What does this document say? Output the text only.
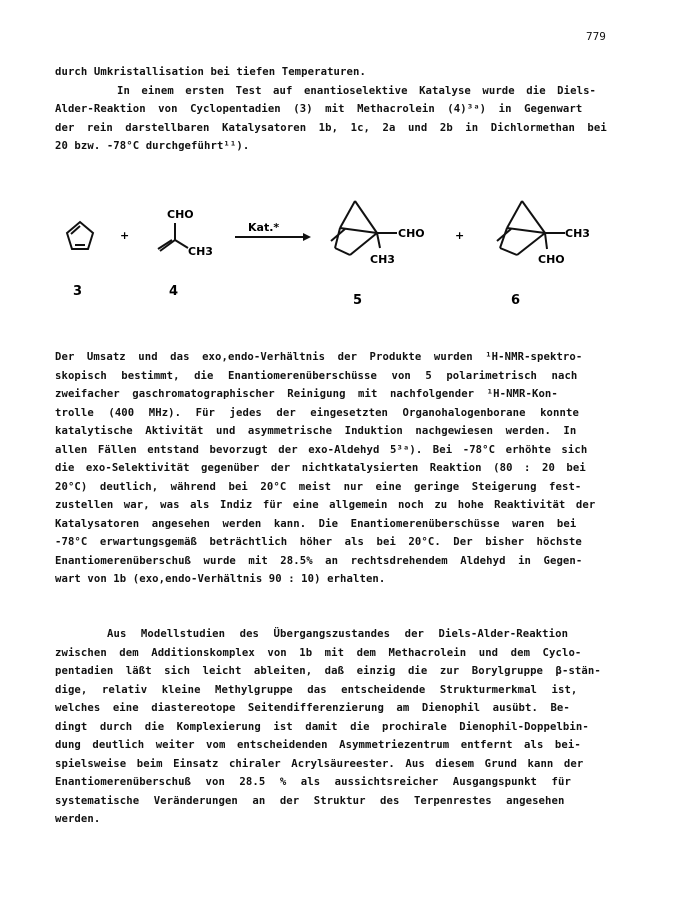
779
durch Umkristallisation bei tiefen Temperaturen.
In einem ersten Test auf enantioselektive Katalyse wurde die Diels-
Alder-Reaktion von Cyclopentadien (3) mit Methacrolein (4)³ᵃ) in Gegenwart
der rein darstellbaren Katalysatoren 1b, 1c, 2a und 2b in Dichlormethan bei
20 bzw. -78°C durchgeführt¹¹).
+
CHO
CH3
Kat.*	CHO
CH3
+	CH3
CHO
3	4
5	6
Der Umsatz und das exo,endo-Verhältnis der Produkte wurden ¹H-NMR-spektro-
skopisch bestimmt, die Enantiomerenüberschüsse von 5 polarimetrisch nach
zweifacher gaschromatographischer Reinigung mit nachfolgender ¹H-NMR-Kon-
trolle (400 MHz). Für jedes der eingesetzten Organohalogenborane konnte
katalytische Aktivität und asymmetrische Induktion nachgewiesen werden. In
allen Fällen entstand bevorzugt der exo-Aldehyd 5³ᵃ). Bei -78°C erhöhte sich
die exo-Selektivität gegenüber der nichtkatalysierten Reaktion (80 : 20 bei
20°C) deutlich, während bei 20°C meist nur eine geringe Steigerung fest-
zustellen war, was als Indiz für eine allgemein noch zu hohe Reaktivität der
Katalysatoren angesehen werden kann. Die Enantiomerenüberschüsse waren bei
-78°C erwartungsgemäß beträchtlich höher als bei 20°C. Der bisher höchste
Enantiomerenüberschuß wurde mit 28.5% an rechtsdrehendem Aldehyd in Gegen-
wart von 1b (exo,endo-Verhältnis 90 : 10) erhalten.
Aus Modellstudien des Übergangszustandes der Diels-Alder-Reaktion
zwischen dem Additionskomplex von 1b mit dem Methacrolein und dem Cyclo-
pentadien läßt sich leicht ableiten, daß einzig die zur Borylgruppe β-stän-
dige, relativ kleine Methylgruppe das entscheidende Strukturmerkmal ist,
welches eine diastereotope Seitendifferenzierung am Dienophil ausübt. Be-
dingt durch die Komplexierung ist damit die prochirale Dienophil-Doppelbin-
dung deutlich weiter vom entscheidenden Asymmetriezentrum entfernt als bei-
spielsweise beim Einsatz chiraler Acrylsäureester. Aus diesem Grund kann der
Enantiomerenüberschuß von 28.5 % als aussichtsreicher Ausgangspunkt für
systematische Veränderungen an der Struktur des Terpenrestes angesehen
werden.
